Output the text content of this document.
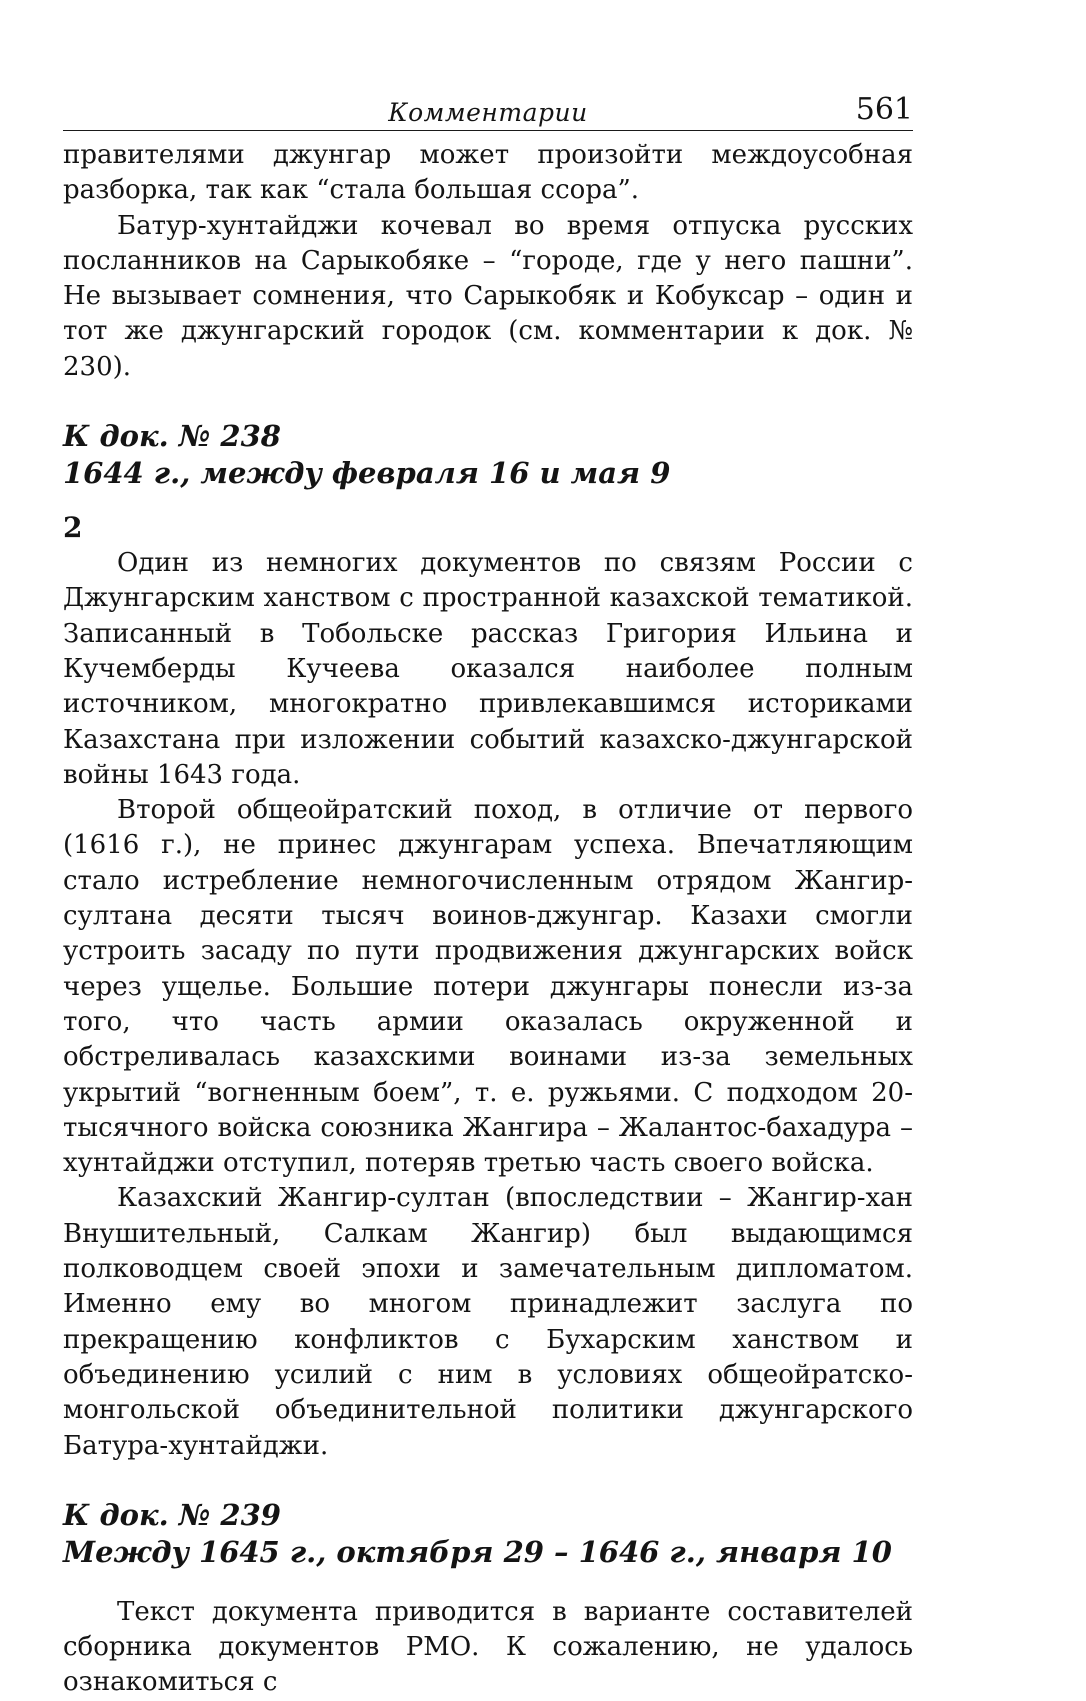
Комментарии	561

правителями джунгар может произойти междоусобная разборка, так как “стала большая ссора”.

Батур-хунтайджи кочевал во время отпуска русских посланников на Сарыкобяке – “городе, где у него пашни”. Не вызывает сомнения, что Сарыкобяк и Кобуксар – один и тот же джунгарский городок (см. комментарии к док. № 230).

К док. № 238
1644 г., между февраля 16 и мая 9
2

Один из немногих документов по связям России с Джунгарским ханством с пространной казахской тематикой. Записанный в Тобольске рассказ Григория Ильина и Кучемберды Кучеева оказался наиболее полным источником, многократно привлекавшимся историками Казахстана при изложении событий казахско-джунгарской войны 1643 года.

Второй общеойратский поход, в отличие от первого (1616 г.), не принес джунгарам успеха. Впечатляющим стало истребление немногочисленным отрядом Жангир-султана десяти тысяч воинов-джунгар. Казахи смогли устроить засаду по пути продвижения джунгарских войск через ущелье. Большие потери джунгары понесли из-за того, что часть армии оказалась окруженной и обстреливалась казахскими воинами из-за земельных укрытий “вогненным боем”, т. е. ружьями. С подходом 20-тысячного войска союзника Жангира – Жалантос-бахадура – хунтайджи отступил, потеряв третью часть своего войска.

Казахский Жангир-султан (впоследствии – Жангир-хан Внушительный, Салкам Жангир) был выдающимся полководцем своей эпохи и замечательным дипломатом. Именно ему во многом принадлежит заслуга по прекращению конфликтов с Бухарским ханством и объединению усилий с ним в условиях общеойратско-монгольской объединительной политики джунгарского Батура-хунтайджи.

К док. № 239
Между 1645 г., октября 29 – 1646 г., января 10

Текст документа приводится в варианте составителей сборника документов РМО. К сожалению, не удалось ознакомиться с
